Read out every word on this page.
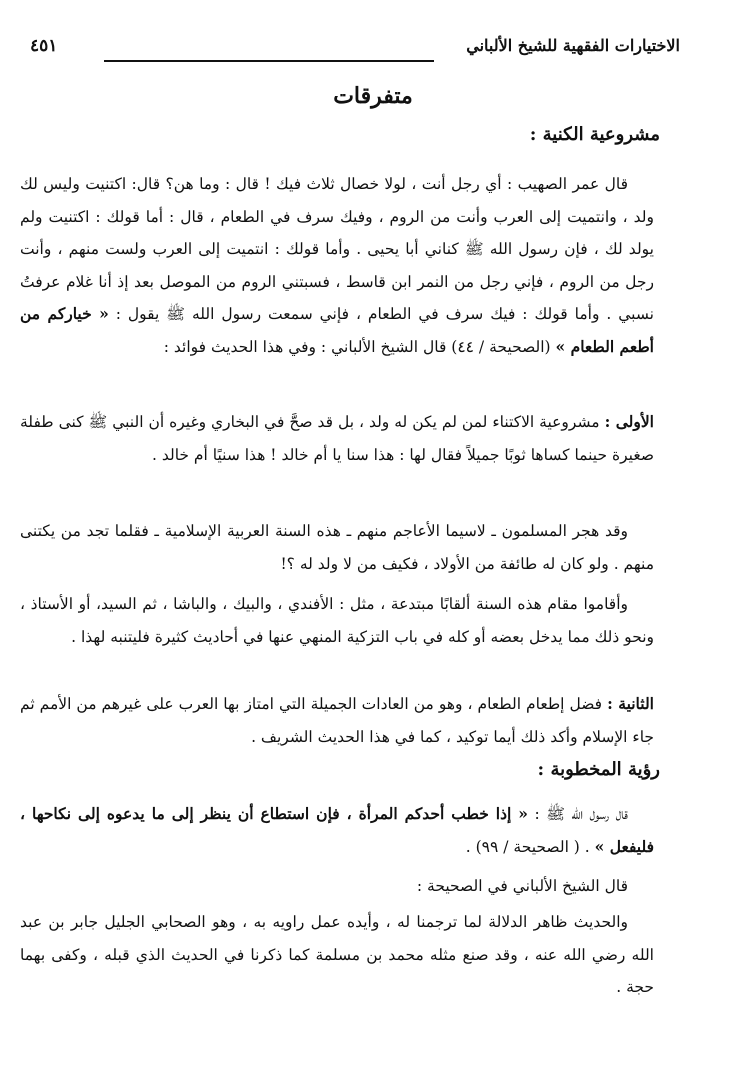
الاختيارات الفقهية للشيخ الألباني
٤٥١
متفرقات
مشروعية الكنية :
قال عمر الصهيب : أي رجل أنت ، لولا خصال ثلاث فيك ! قال : وما هن؟ قال: اكتنيت وليس لك ولد ، وانتميت إلى العرب وأنت من الروم ، وفيك سرف في الطعام ، قال : أما قولك : اكتنيت ولم يولد لك ، فإن رسول الله ﷺ كناني أبا يحيى . وأما قولك : انتميت إلى العرب ولست منهم ، وأنت رجل من الروم ، فإني رجل من النمر ابن قاسط ، فسبتني الروم من الموصل بعد إذ أنا غلام عرفتُ نسبي . وأما قولك : فيك سرف في الطعام ، فإني سمعت رسول الله ﷺ يقول : « خياركم من أطعم الطعام » (الصحيحة / ٤٤) قال الشيخ الألباني : وفي هذا الحديث فوائد :
الأولى : مشروعية الاكتناء لمن لم يكن له ولد ، بل قد صحَّ في البخاري وغيره أن النبي ﷺ كنى طفلة صغيرة حينما كساها ثوبًا جميلاً فقال لها : هذا سنا يا أم خالد ! هذا سنيًا أم خالد .
وقد هجر المسلمون ـ لاسيما الأعاجم منهم ـ هذه السنة العربية الإسلامية ـ فقلما تجد من يكتنى منهم . ولو كان له طائفة من الأولاد ، فكيف من لا ولد له ؟!
وأقاموا مقام هذه السنة ألقابًا مبتدعة ، مثل : الأفندي ، والبيك ، والباشا ، ثم السيد، أو الأستاذ ، ونحو ذلك مما يدخل بعضه أو كله في باب التزكية المنهي عنها في أحاديث كثيرة فليتنبه لهذا .
الثانية : فضل إطعام الطعام ، وهو من العادات الجميلة التي امتاز بها العرب على غيرهم من الأمم ثم جاء الإسلام وأكد ذلك أيما توكيد ، كما في هذا الحديث الشريف .
رؤية المخطوبة :
قال رسول الله ﷺ : « إذا خطب أحدكم المرأة ، فإن استطاع أن ينظر إلى ما يدعوه إلى نكاحها ، فليفعل » . ( الصحيحة / ٩٩) .
قال الشيخ الألباني في الصحيحة :
والحديث ظاهر الدلالة لما ترجمنا له ، وأيده عمل راويه به ، وهو الصحابي الجليل جابر بن عبد الله رضي الله عنه ، وقد صنع مثله محمد بن مسلمة كما ذكرنا في الحديث الذي قبله ، وكفى بهما حجة .
